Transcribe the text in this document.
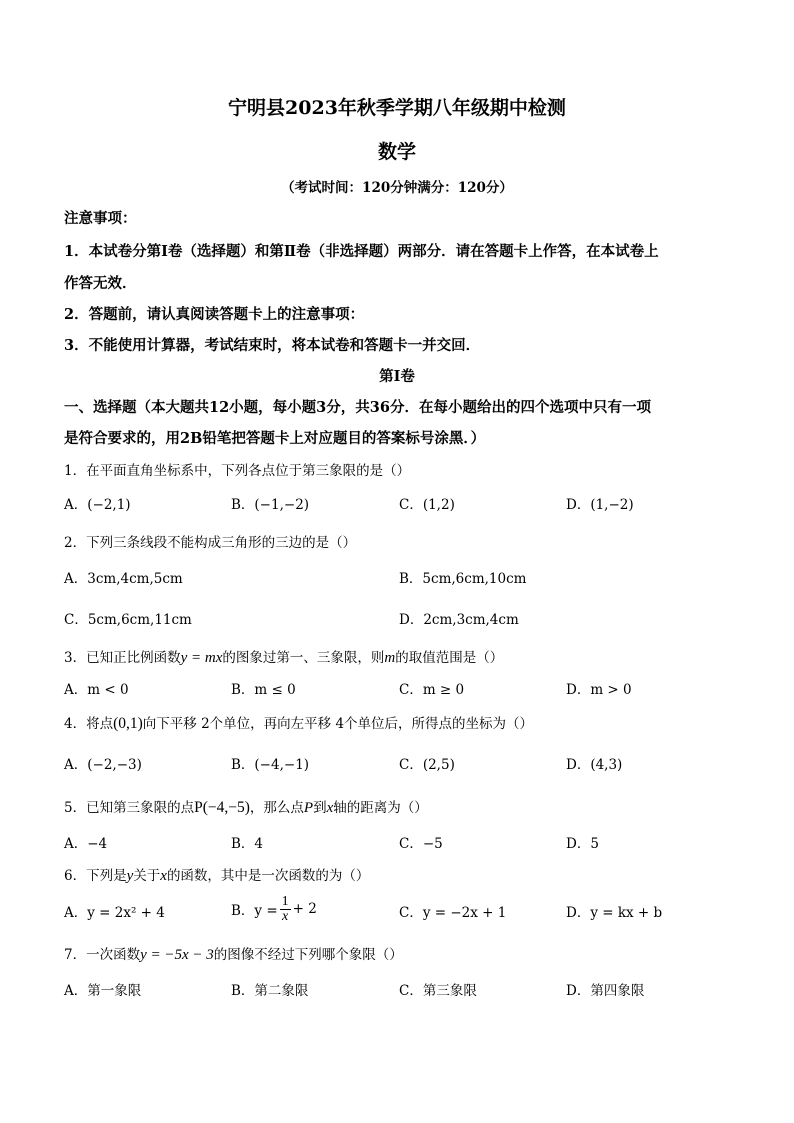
宁明县2023年秋季学期八年级期中检测
数学
（考试时间：120分钟满分：120分）
注意事项：
1．本试卷分第Ⅰ卷（选择题）和第Ⅱ卷（非选择题）两部分．请在答题卡上作答，在本试卷上
作答无效．
2．答题前，请认真阅读答题卡上的注意事项：
3．不能使用计算器，考试结束时，将本试卷和答题卡一并交回．
第Ⅰ卷
一、选择题（本大题共12小题，每小题3分，共36分．在每小题给出的四个选项中只有一项
是符合要求的，用2B铅笔把答题卡上对应题目的答案标号涂黑．）
1．在平面直角坐标系中，下列各点位于第三象限的是（）
A．(−2,1)	B．(−1,−2)	C．(1,2)	D．(1,−2)
2．下列三条线段不能构成三角形的三边的是（）
A．3cm,4cm,5cm	B．5cm,6cm,10cm
C．5cm,6cm,11cm	D．2cm,3cm,4cm
3．已知正比例函数y = mx的图象过第一、三象限，则m的取值范围是（）
A．m < 0	B．m ≤ 0	C．m ≥ 0	D．m > 0
4．将点(0,1)向下平移 2个单位，再向左平移 4个单位后，所得点的坐标为（）
A．(−2,−3)	B．(−4,−1)	C．(2,5)	D．(4,3)
5．已知第三象限的点P(−4,−5)，那么点P到x轴的距离为（）
A．−4	B．4	C．−5	D．5
6．下列是y关于x的函数，其中是一次函数的为（）
A．y = 2x² + 4	B．$y = \frac{1}{x} + 2$	C．y = −2x + 1	D．y = kx + b
7．一次函数y = −5x − 3的图像不经过下列哪个象限（）
A．第一象限	B．第二象限	C．第三象限	D．第四象限
